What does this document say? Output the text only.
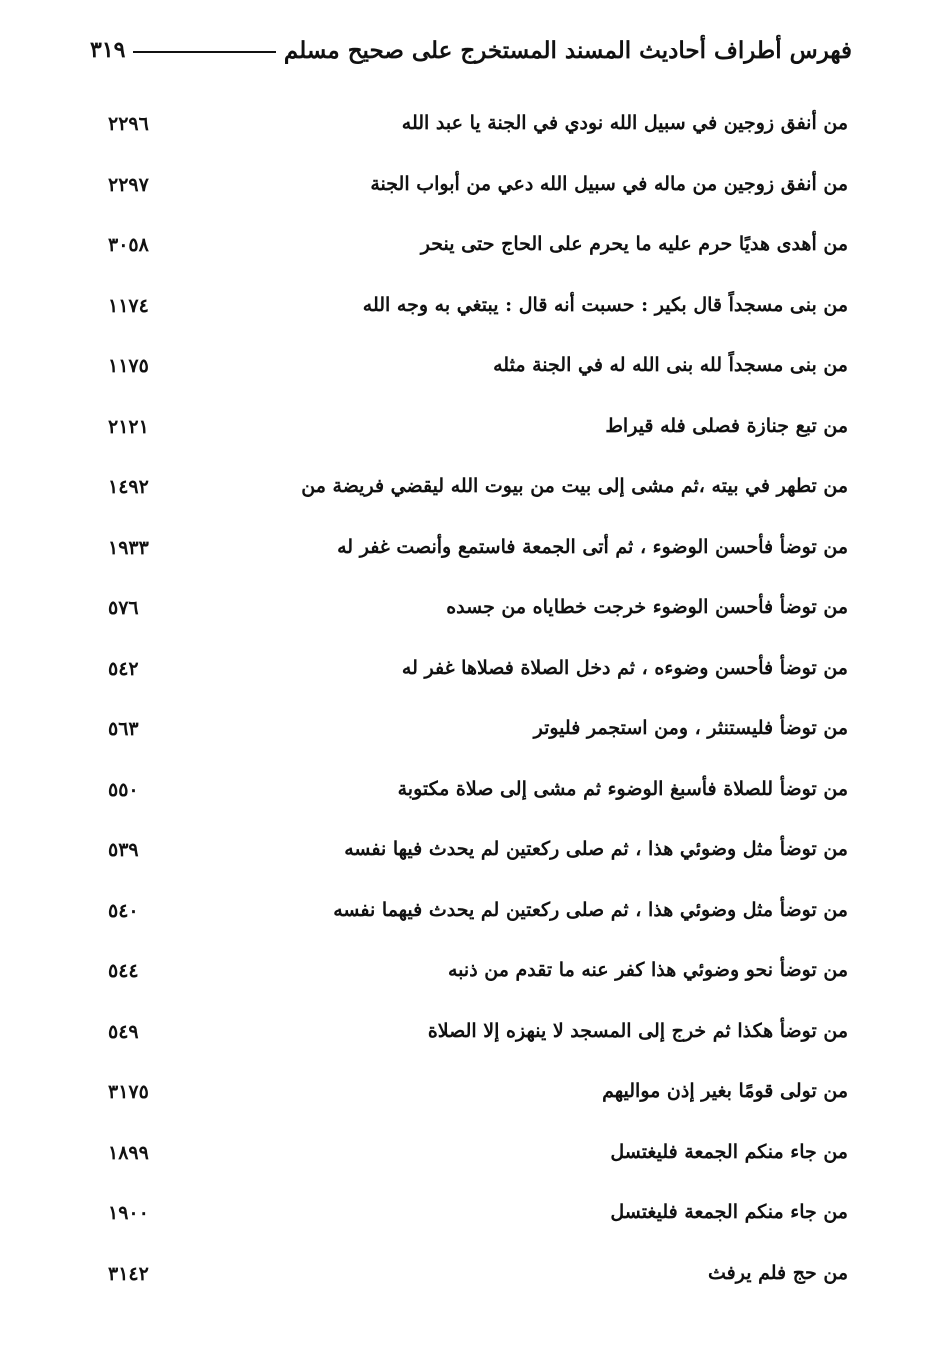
فهرس أطراف أحاديث المسند المستخرج على صحيح مسلم
٣١٩
من أنفق زوجين في سبيل الله نودي في الجنة يا عبد الله
٢٢٩٦
من أنفق زوجين من ماله في سبيل الله دعي من أبواب الجنة
٢٢٩٧
من أهدى هديًا حرم عليه ما يحرم على الحاج حتى ينحر
٣٠٥٨
من بنى مسجداً قال بكير : حسبت أنه قال : يبتغي به وجه الله
١١٧٤
من بنى مسجداً لله بنى الله له في الجنة مثله
١١٧٥
من تبع جنازة فصلى فله قيراط
٢١٢١
من تطهر في بيته ،ثم مشى إلى بيت من بيوت الله ليقضي فريضة من
١٤٩٢
من توضأ فأحسن الوضوء ، ثم أتى الجمعة فاستمع وأنصت غفر له
١٩٣٣
من توضأ فأحسن الوضوء خرجت خطاياه من جسده
٥٧٦
من توضأ فأحسن وضوءه ، ثم دخل الصلاة فصلاها غفر له
٥٤٢
من توضأ فليستنثر ، ومن استجمر فليوتر
٥٦٣
من توضأ للصلاة فأسبغ الوضوء ثم مشى إلى صلاة مكتوبة
٥٥٠
من توضأ مثل وضوئي هذا ، ثم صلى ركعتين لم يحدث فيها نفسه
٥٣٩
من توضأ مثل وضوئي هذا ، ثم صلى ركعتين لم يحدث فيهما نفسه
٥٤٠
من توضأ نحو وضوئي هذا كفر عنه ما تقدم من ذنبه
٥٤٤
من توضأ هكذا ثم خرج إلى المسجد لا ينهزه إلا الصلاة
٥٤٩
من تولى قومًا بغير إذن مواليهم
٣١٧٥
من جاء منكم الجمعة فليغتسل
١٨٩٩
من جاء منكم الجمعة فليغتسل
١٩٠٠
من حج فلم يرفث
٣١٤٢
